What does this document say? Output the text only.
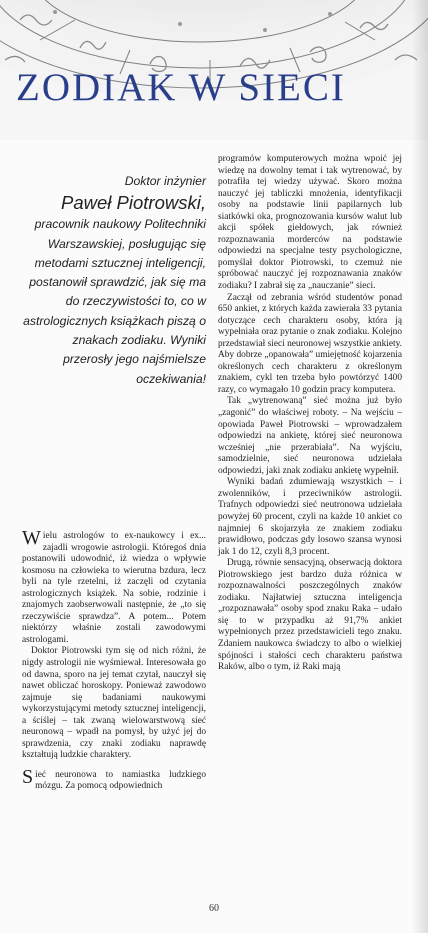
ZODIAK W SIECI
Doktor inżynier
Paweł Piotrowski,
pracownik naukowy Politechniki Warszawskiej, posługując się metodami sztucznej inteligencji, postanowił sprawdzić, jak się ma do rzeczywistości to, co w astrologicznych książkach piszą o znakach zodiaku. Wyniki przerosły jego najśmielsze oczekiwania!

Wielu astrologów to ex-naukowcy i ex... zajadli wrogowie astrologii. Któregoś dnia postanowili udowodnić, iż wiedza o wpływie kosmosu na człowieka to wierutna bzdura, lecz byli na tyle rzetelni, iż zaczęli od czytania astrologicznych książek. Na sobie, rodzinie i znajomych zaobserwowali następnie, że „to się rzeczywiście sprawdza”. A potem... Potem niektórzy właśnie zostali zawodowymi astrologami.

Doktor Piotrowski tym się od nich różni, że nigdy astrologii nie wyśmiewał. Interesowała go od dawna, sporo na jej temat czytał, nauczył się nawet obliczać horoskopy. Ponieważ zawodowo zajmuje się badaniami naukowymi wykorzystującymi metody sztucznej inteligencji, a ściślej – tak zwaną wielowarstwową sieć neuronową – wpadł na pomysł, by użyć jej do sprawdzenia, czy znaki zodiaku naprawdę kształtują ludzkie charaktery.

Sieć neuronowa to namiastka ludzkiego mózgu. Za pomocą odpowiednich

programów komputerowych można wpoić jej wiedzę na dowolny temat i tak wytrenować, by potrafiła tej wiedzy używać. Skoro można nauczyć jej tabliczki mnożenia, identyfikacji osoby na podstawie linii papilarnych lub siatkówki oka, prognozowania kursów walut lub akcji spółek giełdowych, jak również rozpoznawania morderców na podstawie odpowiedzi na specjalne testy psychologiczne, pomyślał doktor Piotrowski, to czemuż nie spróbować nauczyć jej rozpoznawania znaków zodiaku? I zabrał się za „nauczanie” sieci.

Zaczął od zebrania wśród studentów ponad 650 ankiet, z których każda zawierała 33 pytania dotyczące cech charakteru osoby, która ją wypełniała oraz pytanie o znak zodiaku. Kolejno przedstawiał sieci neuronowej wszystkie ankiety. Aby dobrze „opanowała” umiejętność kojarzenia określonych cech charakteru z określonym znakiem, cykl ten trzeba było powtórzyć 1400 razy, co wymagało 10 godzin pracy komputera.

Tak „wytrenowaną” sieć można już było „zagonić” do właściwej roboty. – Na wejściu – opowiada Paweł Piotrowski – wprowadzałem odpowiedzi na ankietę, której sieć neuronowa wcześniej „nie przerabiała”. Na wyjściu, samodzielnie, sieć neuronowa udzielała odpowiedzi, jaki znak zodiaku ankietę wypełnił.

Wyniki badań zdumiewają wszystkich – i zwolenników, i przeciwników astrologii. Trafnych odpowiedzi sieć neutronowa udzielała powyżej 60 procent, czyli na każde 10 ankiet co najmniej 6 skojarzyła ze znakiem zodiaku prawidłowo, podczas gdy losowo szansa wynosi jak 1 do 12, czyli 8,3 procent.

Drugą, równie sensacyjną, obserwacją doktora Piotrowskiego jest bardzo duża różnica w rozpoznawalności poszczególnych znaków zodiaku. Najłatwiej sztuczna inteligencja „rozpoznawała” osoby spod znaku Raka – udało się to w przypadku aż 91,7% ankiet wypełnionych przez przedstawicieli tego znaku. Zdaniem naukowca świadczy to albo o wielkiej spójności i stałości cech charakteru państwa Raków, albo o tym, iż Raki mają

60
